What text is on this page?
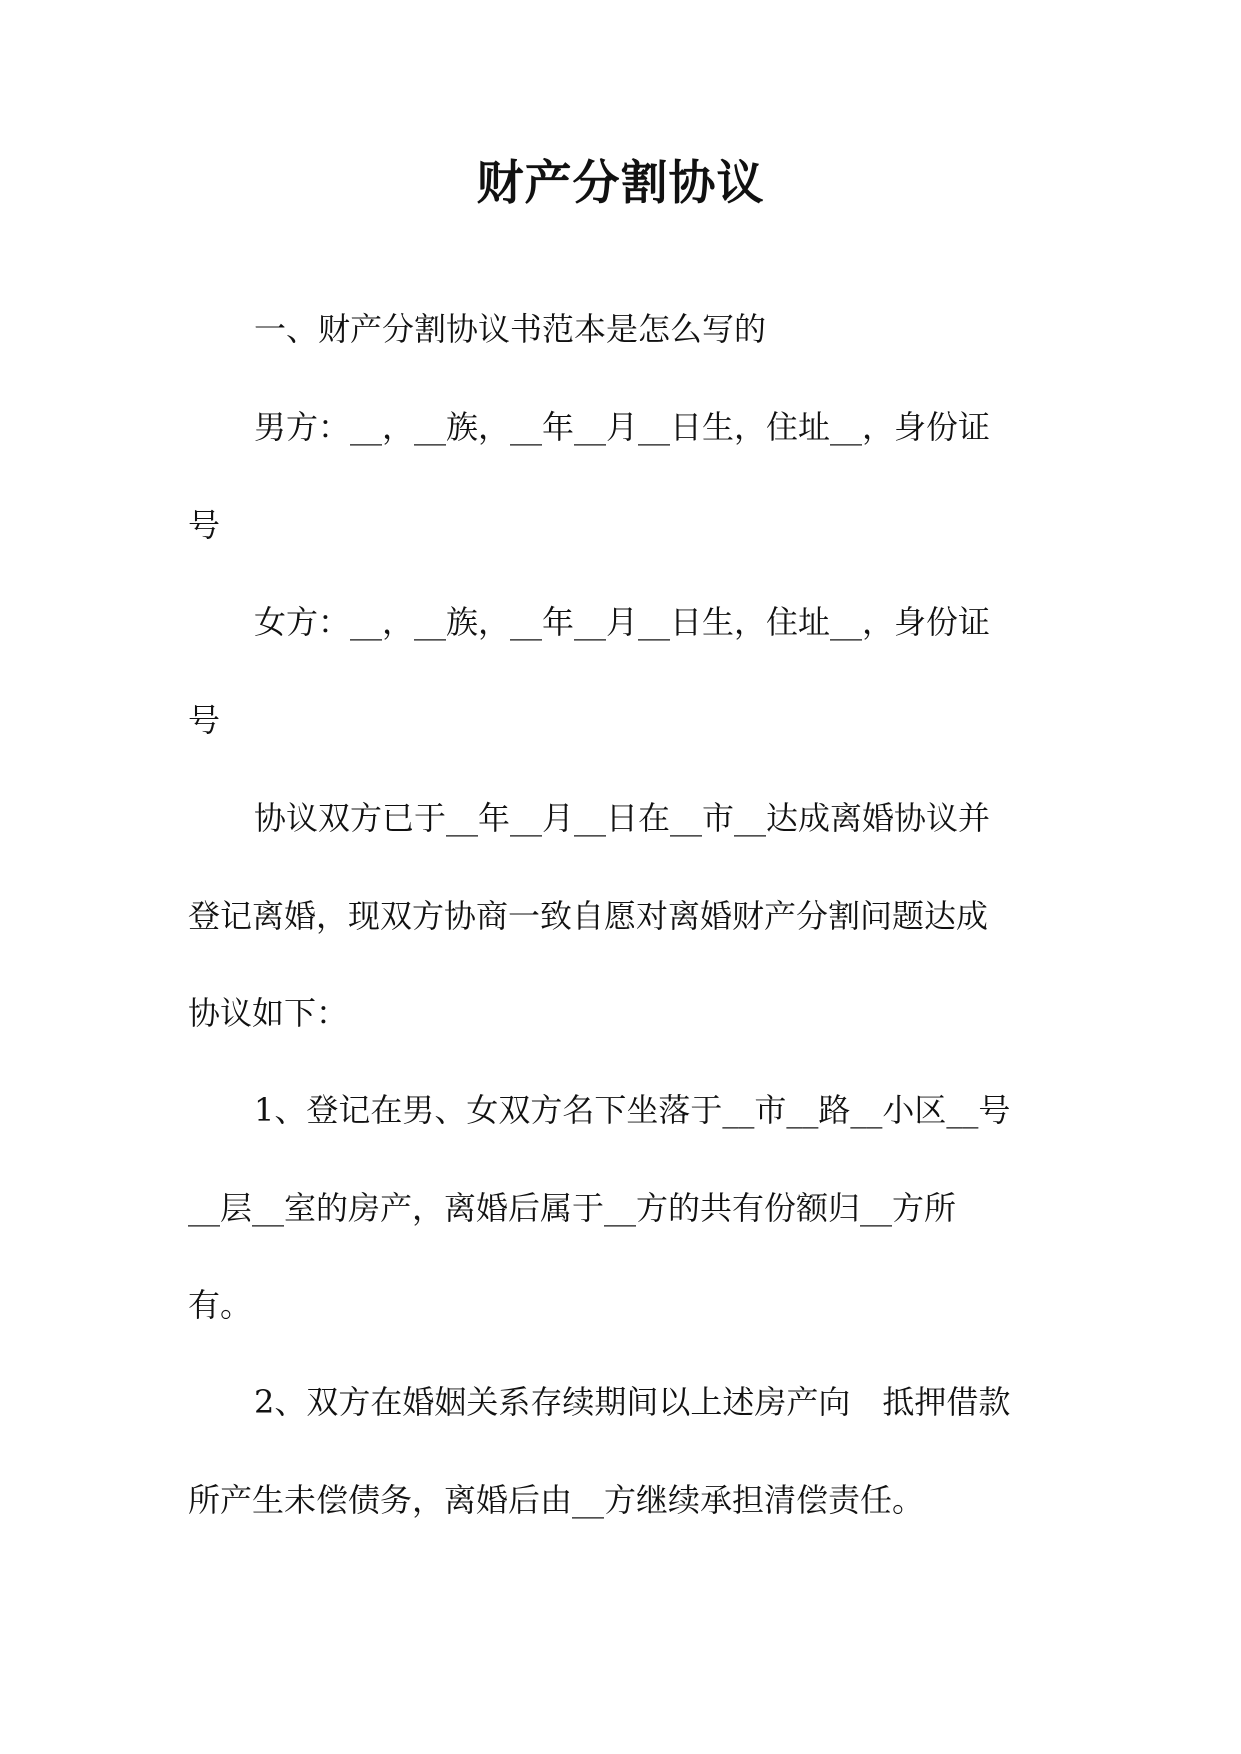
财产分割协议

一、财产分割协议书范本是怎么写的

男方：__，__族，__年__月__日生，住址__，身份证

号

女方：__，__族，__年__月__日生，住址__，身份证

号

协议双方已于__年__月__日在__市__达成离婚协议并

登记离婚，现双方协商一致自愿对离婚财产分割问题达成

协议如下：

1、登记在男、女双方名下坐落于__市__路__小区__号

__层__室的房产，离婚后属于__方的共有份额归__方所

有。

2、双方在婚姻关系存续期间以上述房产向　抵押借款

所产生未偿债务，离婚后由__方继续承担清偿责任。
